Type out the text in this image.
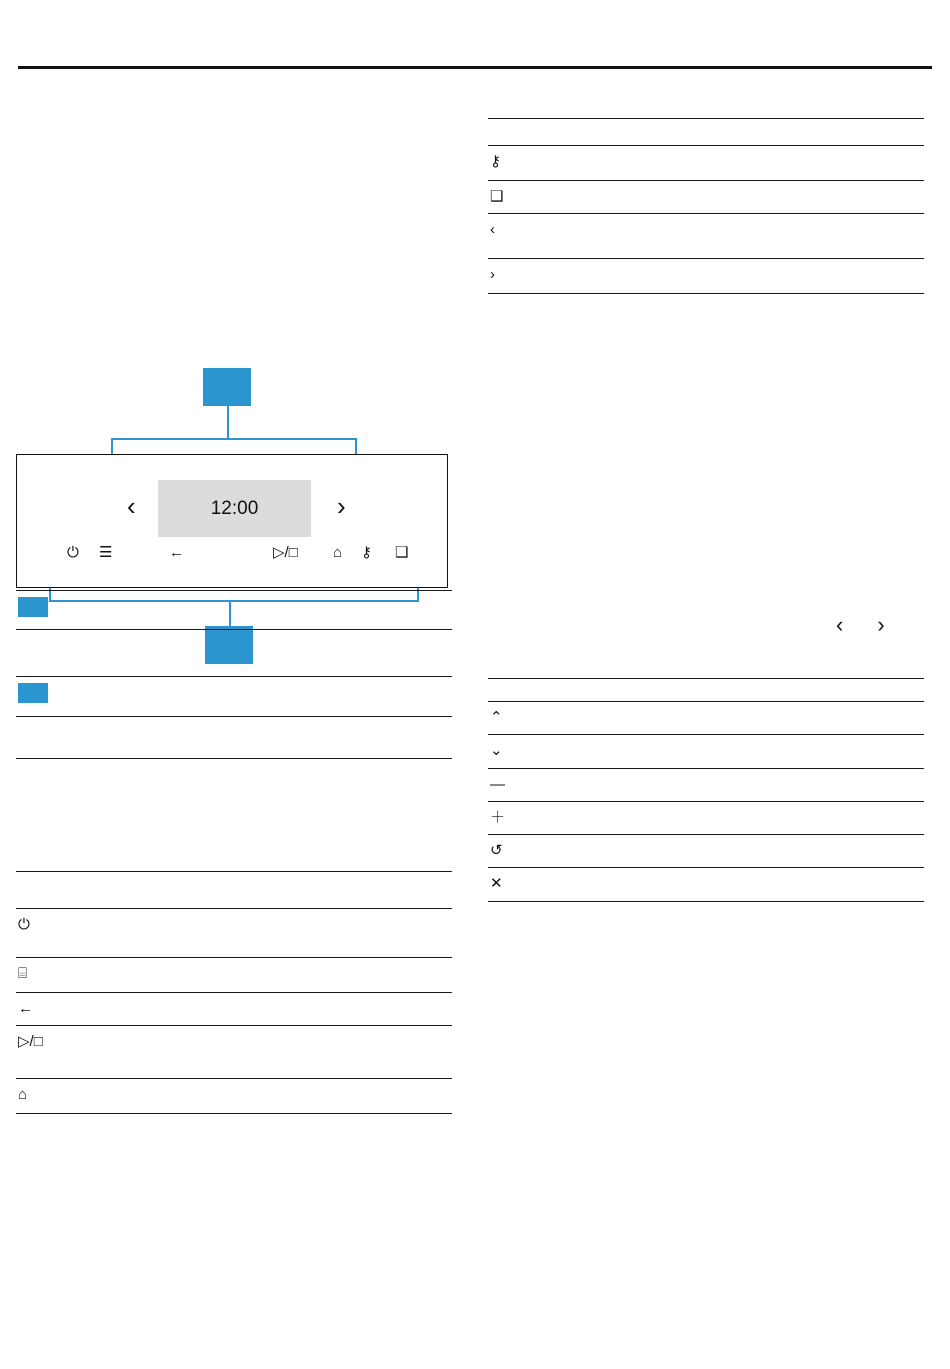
‹	12:00	›
⏻ ☰	←	▷/□ ⌂ ⚷ ❑

⏻	
⌸	
←	
▷/□	
⌂	

⚷	
❑	
‹	
›	
‹ ›

⌃	
⌄	
—	
＋	
↺	
✕	
